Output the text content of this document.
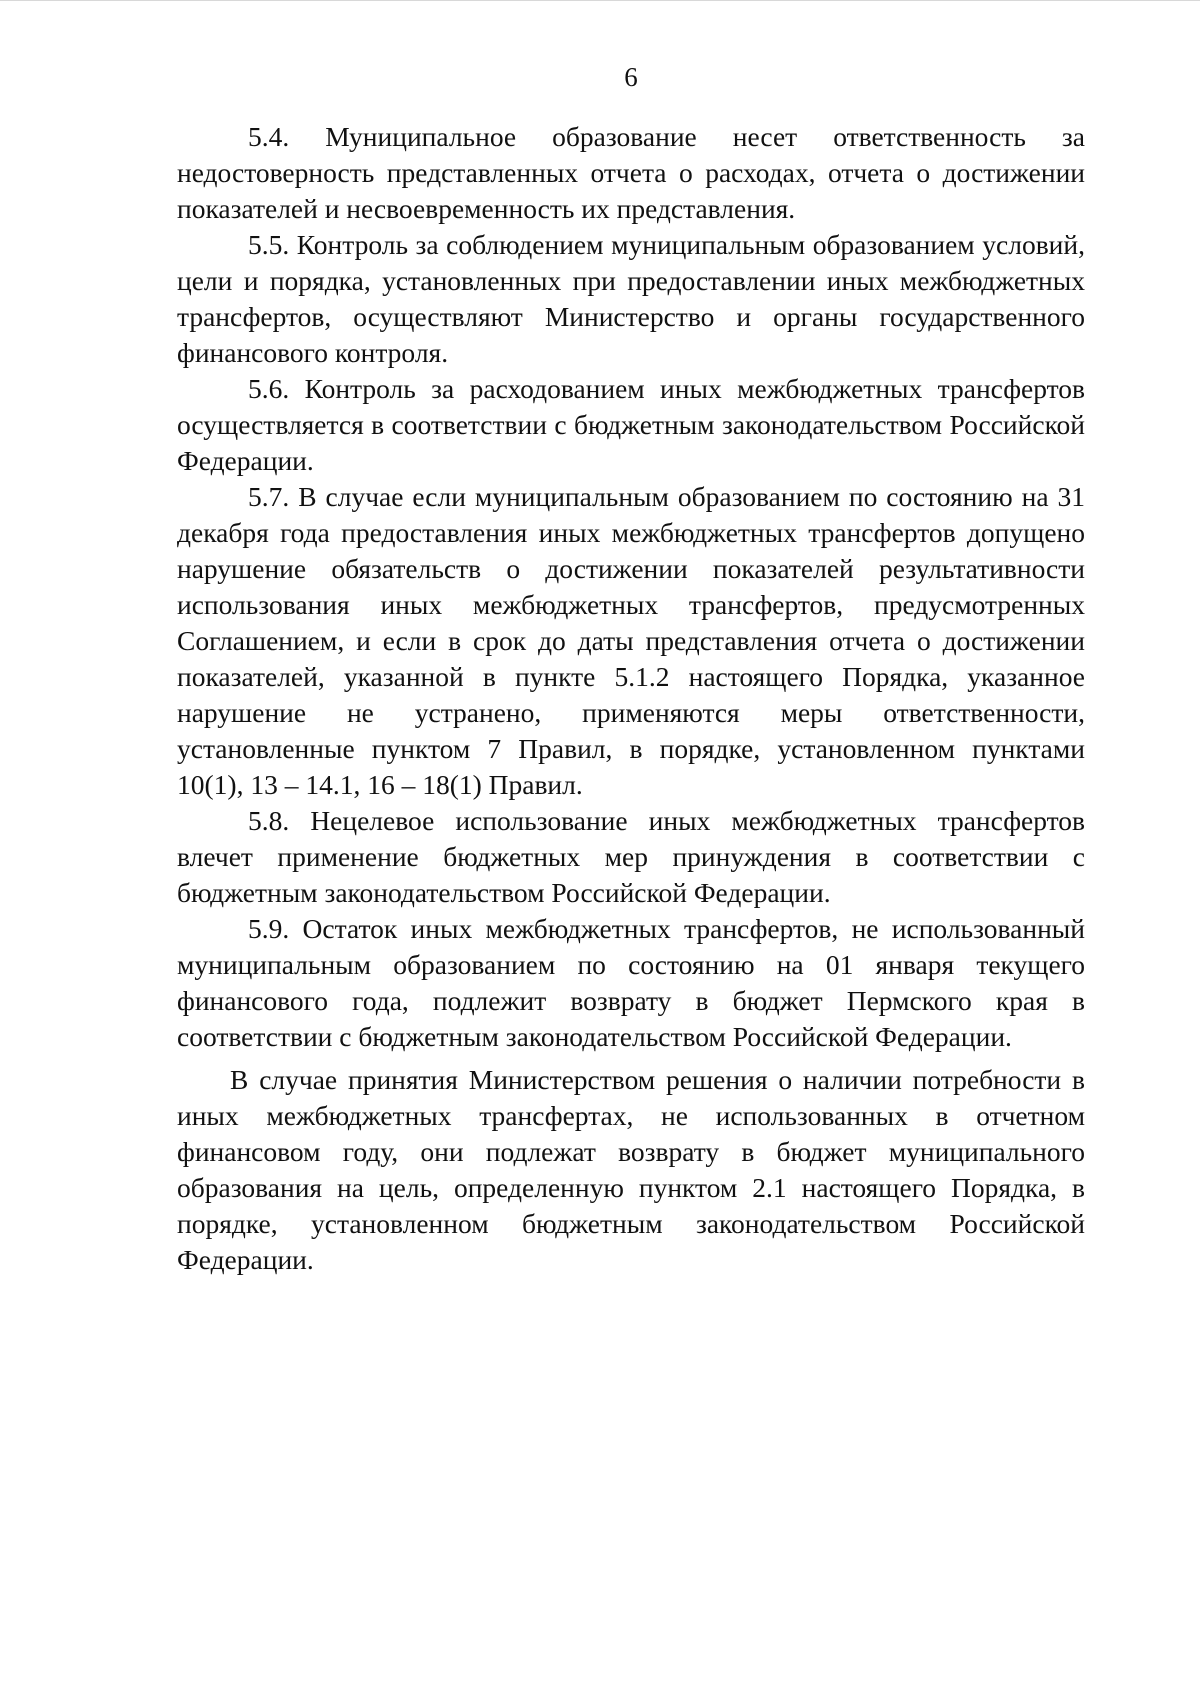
6

5.4. Муниципальное образование несет ответственность за недостоверность представленных отчета о расходах, отчета о достижении показателей и несвоевременность их представления.

5.5. Контроль за соблюдением муниципальным образованием условий, цели и порядка, установленных при предоставлении иных межбюджетных трансфертов, осуществляют Министерство и органы государственного финансового контроля.

5.6. Контроль за расходованием иных межбюджетных трансфертов осуществляется в соответствии с бюджетным законодательством Российской Федерации.

5.7. В случае если муниципальным образованием по состоянию на 31 декабря года предоставления иных межбюджетных трансфертов допущено нарушение обязательств о достижении показателей результативности использования иных межбюджетных трансфертов, предусмотренных Соглашением, и если в срок до даты представления отчета о достижении показателей, указанной в пункте 5.1.2 настоящего Порядка, указанное нарушение не устранено, применяются меры ответственности, установленные пунктом 7 Правил, в порядке, установленном пунктами 10(1), 13 – 14.1, 16 – 18(1) Правил.

5.8. Нецелевое использование иных межбюджетных трансфертов влечет применение бюджетных мер принуждения в соответствии с бюджетным законодательством Российской Федерации.

5.9. Остаток иных межбюджетных трансфертов, не использованный муниципальным образованием по состоянию на 01 января текущего финансового года, подлежит возврату в бюджет Пермского края в соответствии с бюджетным законодательством Российской Федерации.

В случае принятия Министерством решения о наличии потребности в иных межбюджетных трансфертах, не использованных в отчетном финансовом году, они подлежат возврату в бюджет муниципального образования на цель, определенную пунктом 2.1 настоящего Порядка, в порядке, установленном бюджетным законодательством Российской Федерации.
